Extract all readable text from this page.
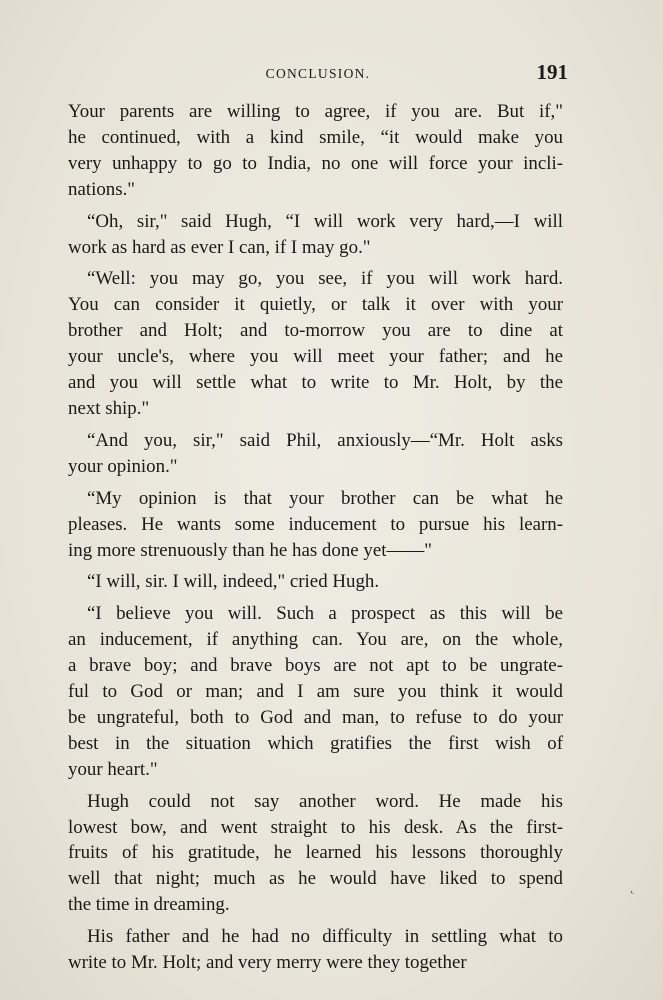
CONCLUSION.	191

Your parents are willing to agree, if you are. But if,"
he continued, with a kind smile, “it would make you
very unhappy to go to India, no one will force your incli-
nations."

“Oh, sir," said Hugh, “I will work very hard,—I will
work as hard as ever I can, if I may go."

“Well: you may go, you see, if you will work hard.
You can consider it quietly, or talk it over with your
brother and Holt; and to-morrow you are to dine at
your uncle's, where you will meet your father; and he
and you will settle what to write to Mr. Holt, by the
next ship."

“And you, sir," said Phil, anxiously—“Mr. Holt asks
your opinion."

“My opinion is that your brother can be what he
pleases. He wants some inducement to pursue his learn-
ing more strenuously than he has done yet——"

“I will, sir. I will, indeed," cried Hugh.

“I believe you will. Such a prospect as this will be
an inducement, if anything can. You are, on the whole,
a brave boy; and brave boys are not apt to be ungrate-
ful to God or man; and I am sure you think it would
be ungrateful, both to God and man, to refuse to do your
best in the situation which gratifies the first wish of
your heart."

Hugh could not say another word. He made his
lowest bow, and went straight to his desk. As the first-
fruits of his gratitude, he learned his lessons thoroughly
well that night; much as he would have liked to spend
the time in dreaming.

His father and he had no difficulty in settling what to
write to Mr. Holt; and very merry were they together

˛
